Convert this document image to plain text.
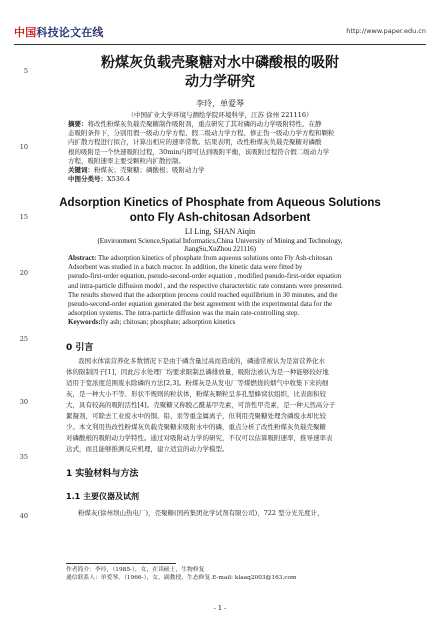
中国科技论文在线	http://www.paper.edu.cn
5
10
15
20
25
30
35
40
粉煤灰负载壳聚糖对水中磷酸根的吸附
动力学研究
李玲，单爱琴
（中国矿业大学环境与测绘学院环境科学，江苏 徐州 221116）
摘要：将改性粉煤灰负载壳聚糖制作吸附剂，重点研究了其对磷的动力学吸附特性。在静
态吸附条件下，分别用假一级动力学方程、假二级动力学方程、修正伪一级动力学方程和颗粒
内扩散方程进行拟合，计算出相应的速率常数。结果表明，改性粉煤灰负载壳聚糖对磷酸
根的吸附是一个快速吸附过程，30min内即可达到吸附平衡，该吸附过程符合假二级动力学
方程，吸附速率主要受颗粒内扩散控制。
关键词：粉煤灰；壳聚糖；磷酸根；吸附动力学
中图分类号：X536.4
Adsorption Kinetics of Phosphate from Aqueous Solutions
onto Fly Ash-chitosan Adsorbent
LI Ling, SHAN Aiqin
(Environment Science,Spatial Informatics,China University of Mining and Technology,
JiangSu,XuZhou 221116)
Abstract: The adsorption kinetics of phosphate from aqueous solutions onto Fly Ash-chitosan
Adsorbent was studied in a batch reactor. In addition, the kinetic data were fitted by
pseudo-first-order equation, pseudo-second-order equation , modified pseudo-first-order equation
and intra-particle diffusion model , and the respective characteristic rate constants were presented.
The results showed that the adsorption process could reached equilibrium in 30 minutes, and the
pseudo-second-order equation generated the best agreement with the experimental data for the
adsorption systems. The intra-particle diffusion was the main rate-controlling step.
Keywords:fly ash; chitosan; phosphate; adsorption kinetics
0 引言
我国水体富营养化多数情况下是由于磷含量过高而造成的，磷通常被认为是富营养化水
体的限制因子[1]，因此污水处理厂均要求限制总磷排放量，吸附法被认为是一种能够较好地
适用于宽浓度范围废水除磷的方法[2,3]。粉煤灰是从发电厂等煤燃烧的烟气中收集下来的细
灰，是一种大小不等、形状不规则的粒状体，粉煤灰颗粒呈多孔型蜂窝状组织，比表面积较
大，具有较高的吸附活性[4]。壳聚糖又称脱乙酰基甲壳素，可溶性甲壳素，是一种天然高分子
絮凝剂，可除去工业废水中的铜、铅、汞等重金属离子，但利用壳聚糖处理含磷废水却比较
少。本文利用热改性粉煤灰负载壳聚糖来吸附水中的磷，重点分析了改性粉煤灰负载壳聚糖
对磷酸根的吸附动力学特性。通过对吸附动力学的研究，不仅可以估算吸附速率，推导速率表
达式，而且能够推测反应机理，建立适宜的动力学模型。
1 实验材料与方法
1.1 主要仪器及试剂
粉煤灰(徐州坝山热电厂)，壳聚糖(国药集团化学试剂有限公司)，722 型分光光度计，
作者简介：李玲，（1985-），女，在读硕士，生物修复
通信联系人：单爱琴，（1966-），女，副教授，生态修复.E-mail: klaaq2003@163.com
- 1 -
